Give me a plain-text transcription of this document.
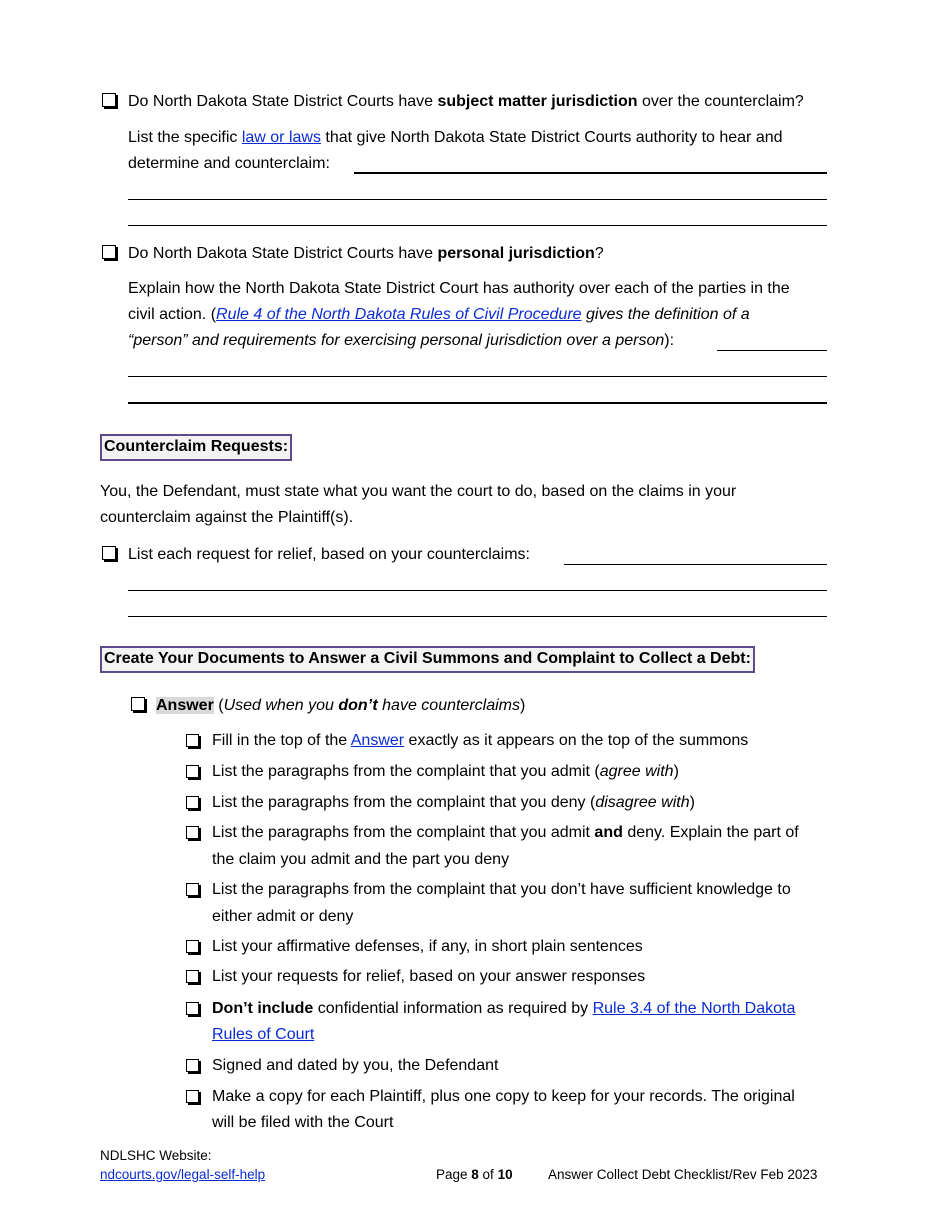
Do North Dakota State District Courts have subject matter jurisdiction over the counterclaim?
List the specific law or laws that give North Dakota State District Courts authority to hear and
determine and counterclaim:
Do North Dakota State District Courts have personal jurisdiction?
Explain how the North Dakota State District Court has authority over each of the parties in the
civil action. (Rule 4 of the North Dakota Rules of Civil Procedure gives the definition of a
“person” and requirements for exercising personal jurisdiction over a person):
Counterclaim Requests:
You, the Defendant, must state what you want the court to do, based on the claims in your
counterclaim against the Plaintiff(s).
List each request for relief, based on your counterclaims:
Create Your Documents to Answer a Civil Summons and Complaint to Collect a Debt:
Answer (Used when you don’t have counterclaims)
Fill in the top of the Answer exactly as it appears on the top of the summons
List the paragraphs from the complaint that you admit (agree with)
List the paragraphs from the complaint that you deny (disagree with)
List the paragraphs from the complaint that you admit and deny. Explain the part of
the claim you admit and the part you deny
List the paragraphs from the complaint that you don’t have sufficient knowledge to
either admit or deny
List your affirmative defenses, if any, in short plain sentences
List your requests for relief, based on your answer responses
Don’t include confidential information as required by Rule 3.4 of the North Dakota
Rules of Court
Signed and dated by you, the Defendant
Make a copy for each Plaintiff, plus one copy to keep for your records. The original
will be filed with the Court
NDLSHC Website:
ndcourts.gov/legal-self-help	Page 8 of 10	Answer Collect Debt Checklist/Rev Feb 2023
